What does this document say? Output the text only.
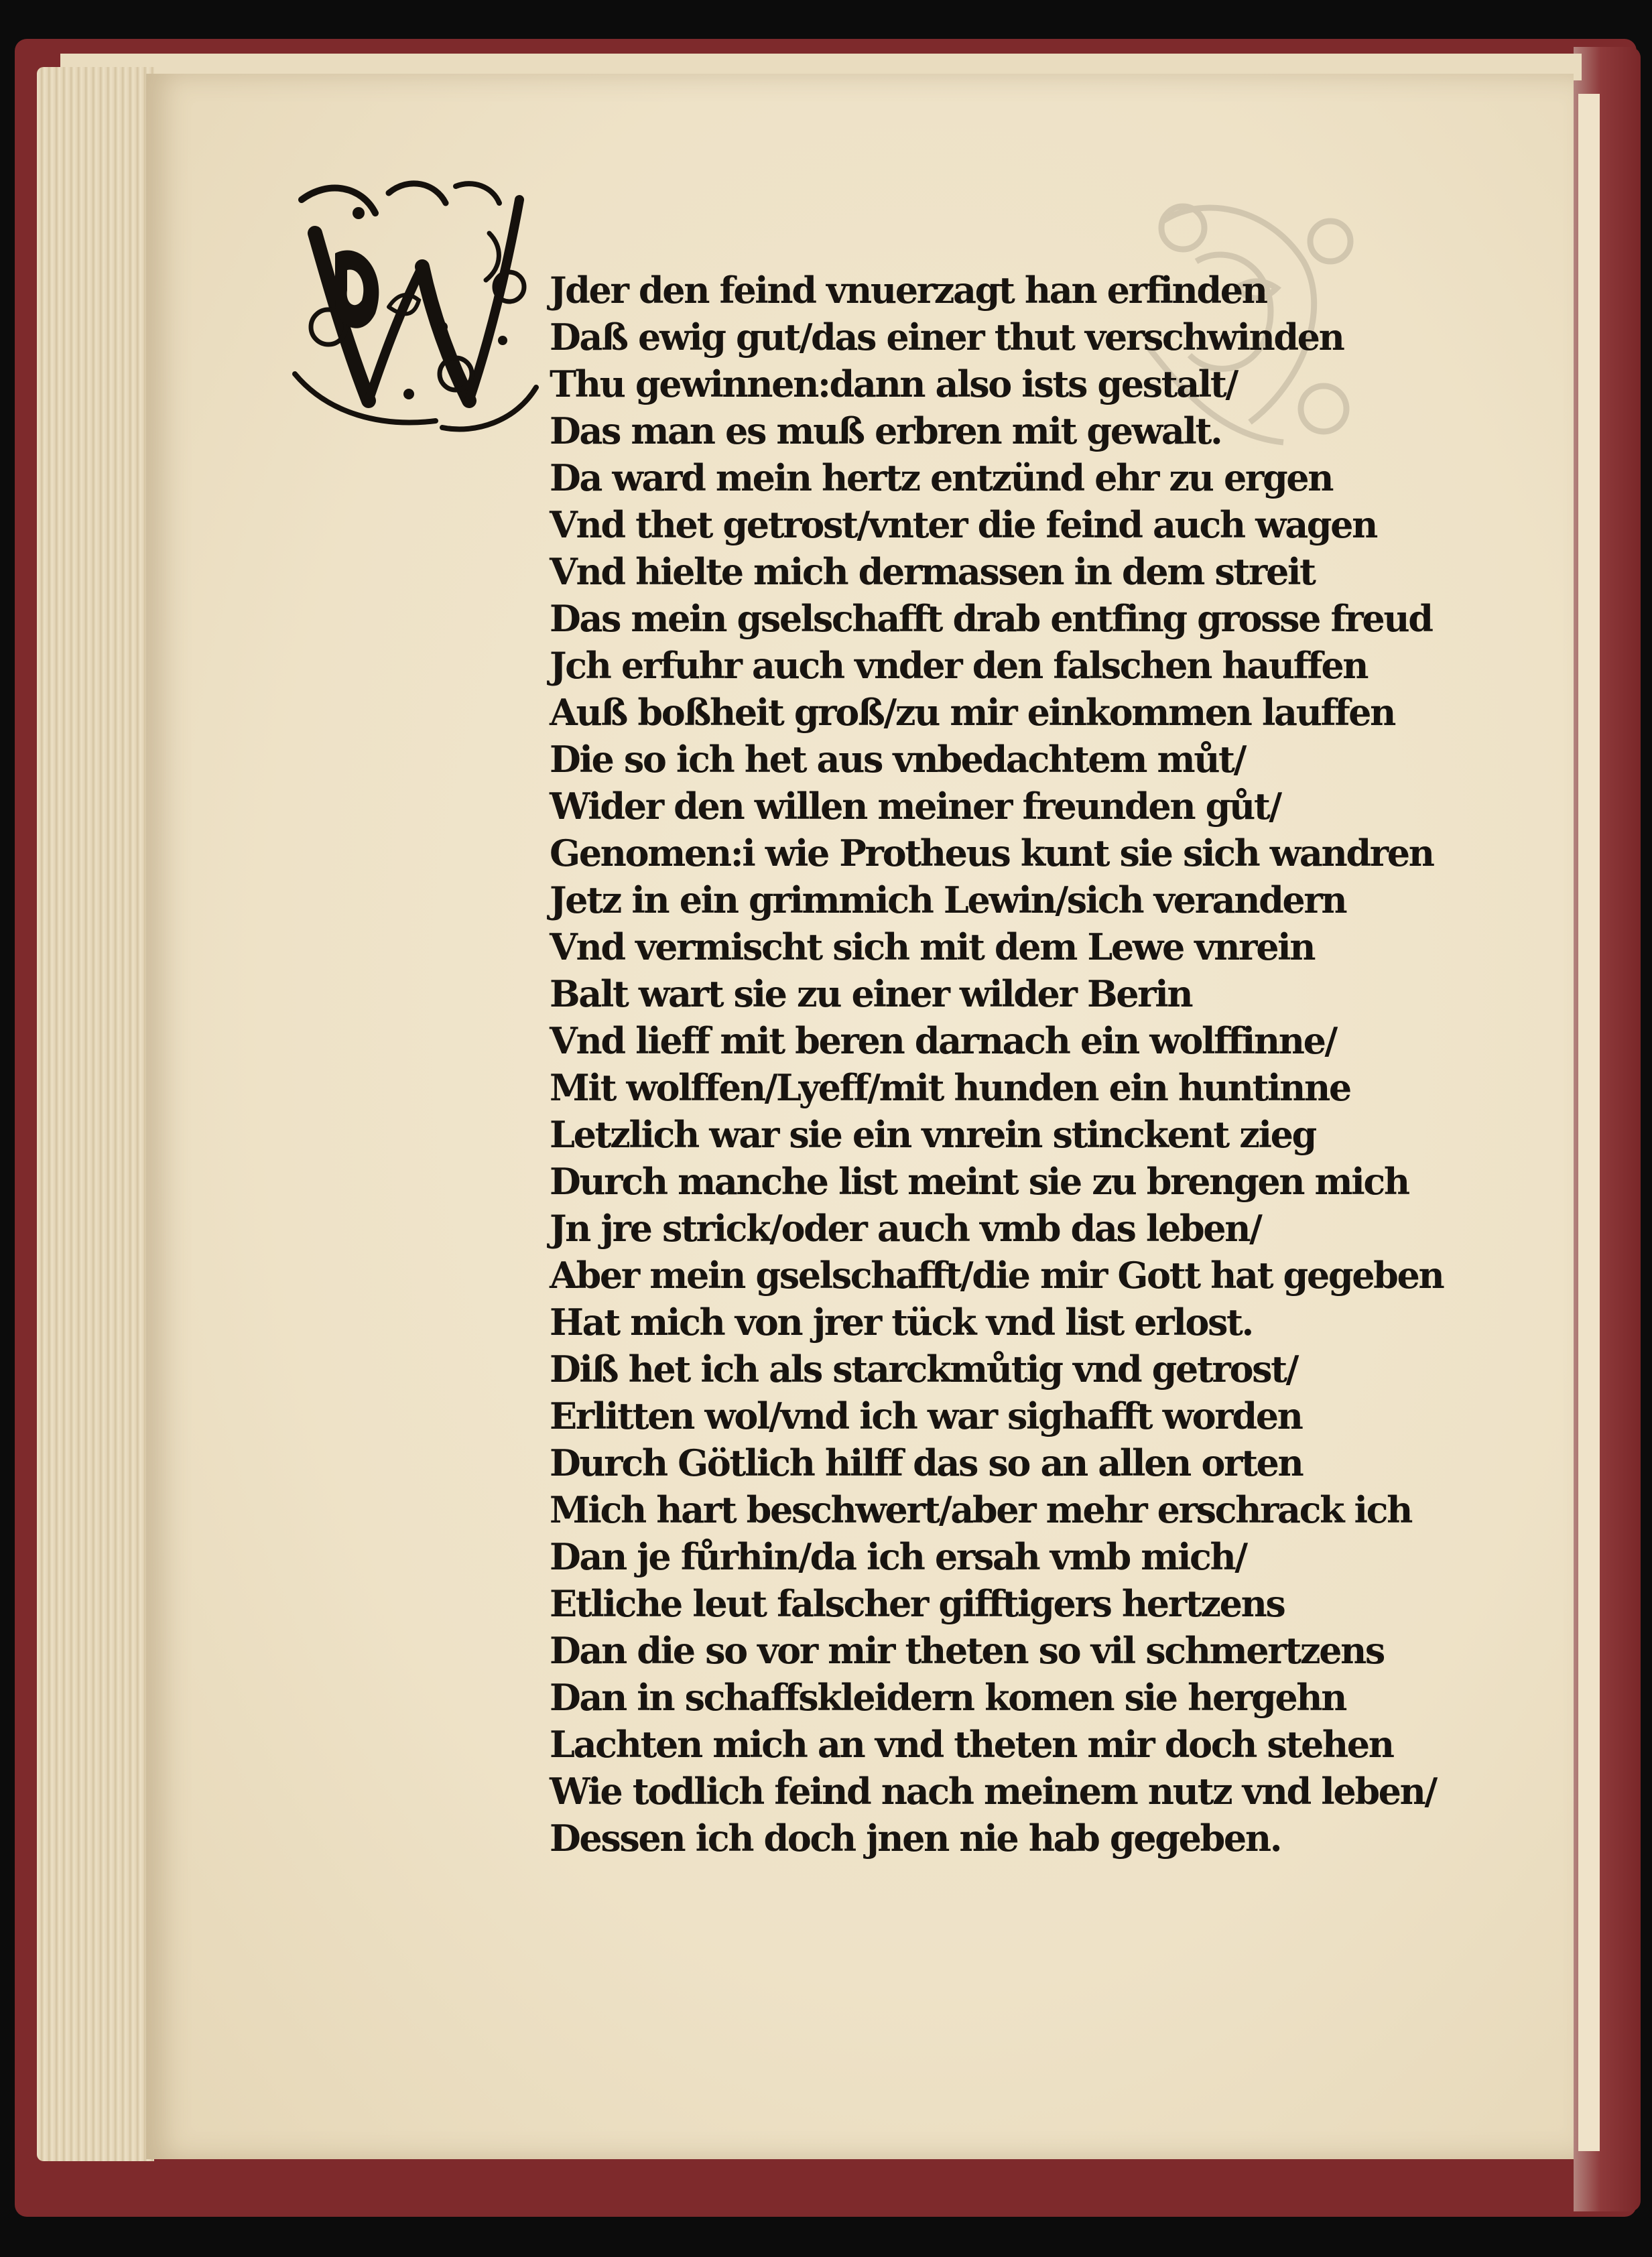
Jder den feind vnuerzagt han erfinden
Daß ewig gut/das einer thut verschwinden
Thu gewinnen:dann also ists gestalt/
Das man es muß erbren mit gewalt.
Da ward mein hertz entzünd ehr zu ergen
Vnd thet getrost/vnter die feind auch wagen
Vnd hielte mich dermassen in dem streit
Das mein gselschafft drab entfing grosse freud
Jch erfuhr auch vnder den falschen hauffen
Auß boßheit groß/zu mir einkommen lauffen
Die so ich het aus vnbedachtem můt/
Wider den willen meiner freunden gůt/
Genomen:i wie Protheus kunt sie sich wandren
Jetz in ein grimmich Lewin/sich verandern
Vnd vermischt sich mit dem Lewe vnrein
Balt wart sie zu einer wilder Berin
Vnd lieff mit beren darnach ein wolffinne/
Mit wolffen/Lyeff/mit hunden ein huntinne
Letzlich war sie ein vnrein stinckent zieg
Durch manche list meint sie zu brengen mich
Jn jre strick/oder auch vmb das leben/
Aber mein gselschafft/die mir Gott hat gegeben
Hat mich von jrer tück vnd list erlost.
Diß het ich als starckmůtig vnd getrost/
Erlitten wol/vnd ich war sighafft worden
Durch Götlich hilff das so an allen orten
Mich hart beschwert/aber mehr erschrack ich
Dan je fůrhin/da ich ersah vmb mich/
Etliche leut falscher gifftigers hertzens
Dan die so vor mir theten so vil schmertzens
Dan in schaffskleidern komen sie hergehn
Lachten mich an vnd theten mir doch stehen
Wie todlich feind nach meinem nutz vnd leben/
Dessen ich doch jnen nie hab gegeben.
